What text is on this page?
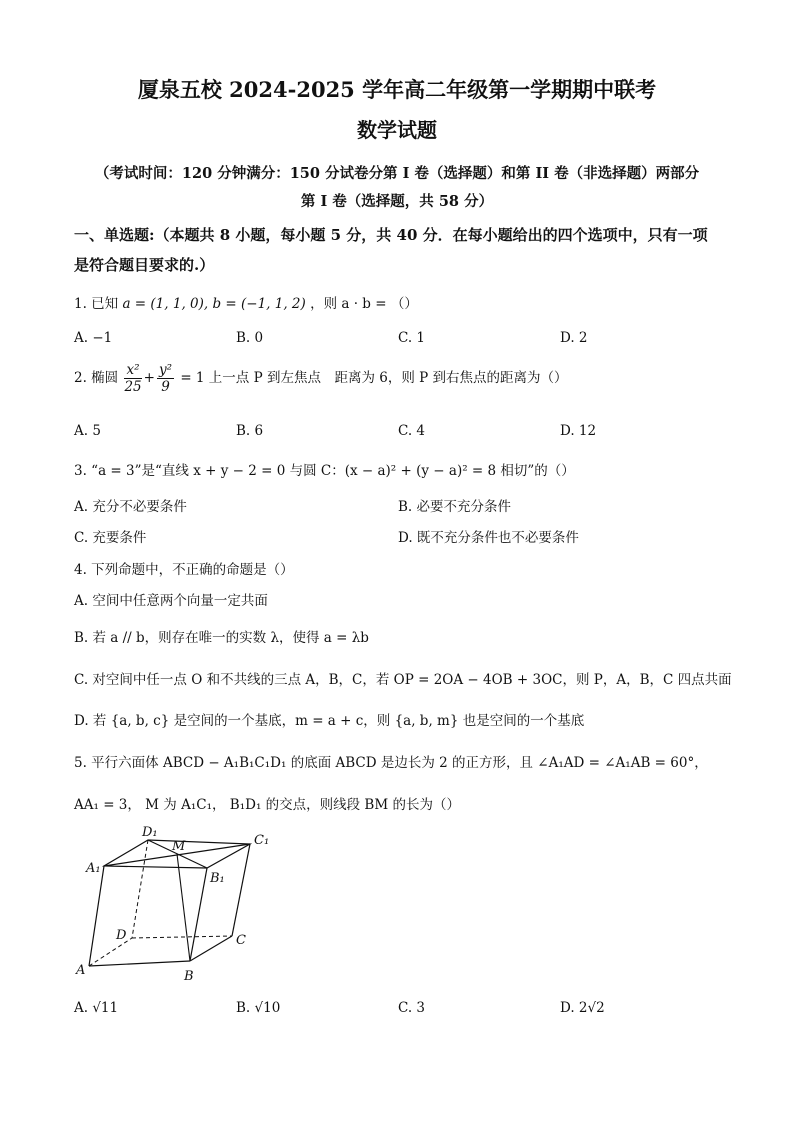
厦泉五校 2024-2025 学年高二年级第一学期期中联考
数学试题
（考试时间：120 分钟满分：150 分试卷分第 I 卷（选择题）和第 II 卷（非选择题）两部分
第 I 卷（选择题，共 58 分）
一、单选题:（本题共 8 小题，每小题 5 分，共 40 分．在每小题给出的四个选项中，只有一项
是符合题目要求的.）
1. 已知 a = (1, 1, 0), b = (−1, 1, 2) ，则 a · b = （）
A. −1	B. 0	C. 1	D. 2
2. 椭圆 $\frac{\text{x²}}{25} + \frac{\text{y²}}{9} = 1$ 上一点 P 到左焦点　距离为 6，则 P 到右焦点的距离为（）
A. 5	B. 6	C. 4	D. 12
3. “a = 3”是“直线 x + y − 2 = 0 与圆 C：(x − a)² + (y − a)² = 8 相切”的（）
A. 充分不必要条件	B. 必要不充分条件
C. 充要条件	D. 既不充分条件也不必要条件
4. 下列命题中，不正确的命题是（）
A. 空间中任意两个向量一定共面
B. 若 a // b，则存在唯一的实数 λ，使得 a = λb
C. 对空间中任一点 O 和不共线的三点 A，B，C，若 OP = 2OA − 4OB + 3OC，则 P，A，B，C 四点共面
D. 若 {a, b, c} 是空间的一个基底，m = a + c，则 {a, b, m} 也是空间的一个基底
5. 平行六面体 ABCD − A₁B₁C₁D₁ 的底面 ABCD 是边长为 2 的正方形，且 ∠A₁AD = ∠A₁AB = 60°，
AA₁ = 3， M 为 A₁C₁， B₁D₁ 的交点，则线段 BM 的长为（）
D₁
M	C₁
A₁
B₁
D	C
A	B
A. √11	B. √10	C. 3	D. 2√2
